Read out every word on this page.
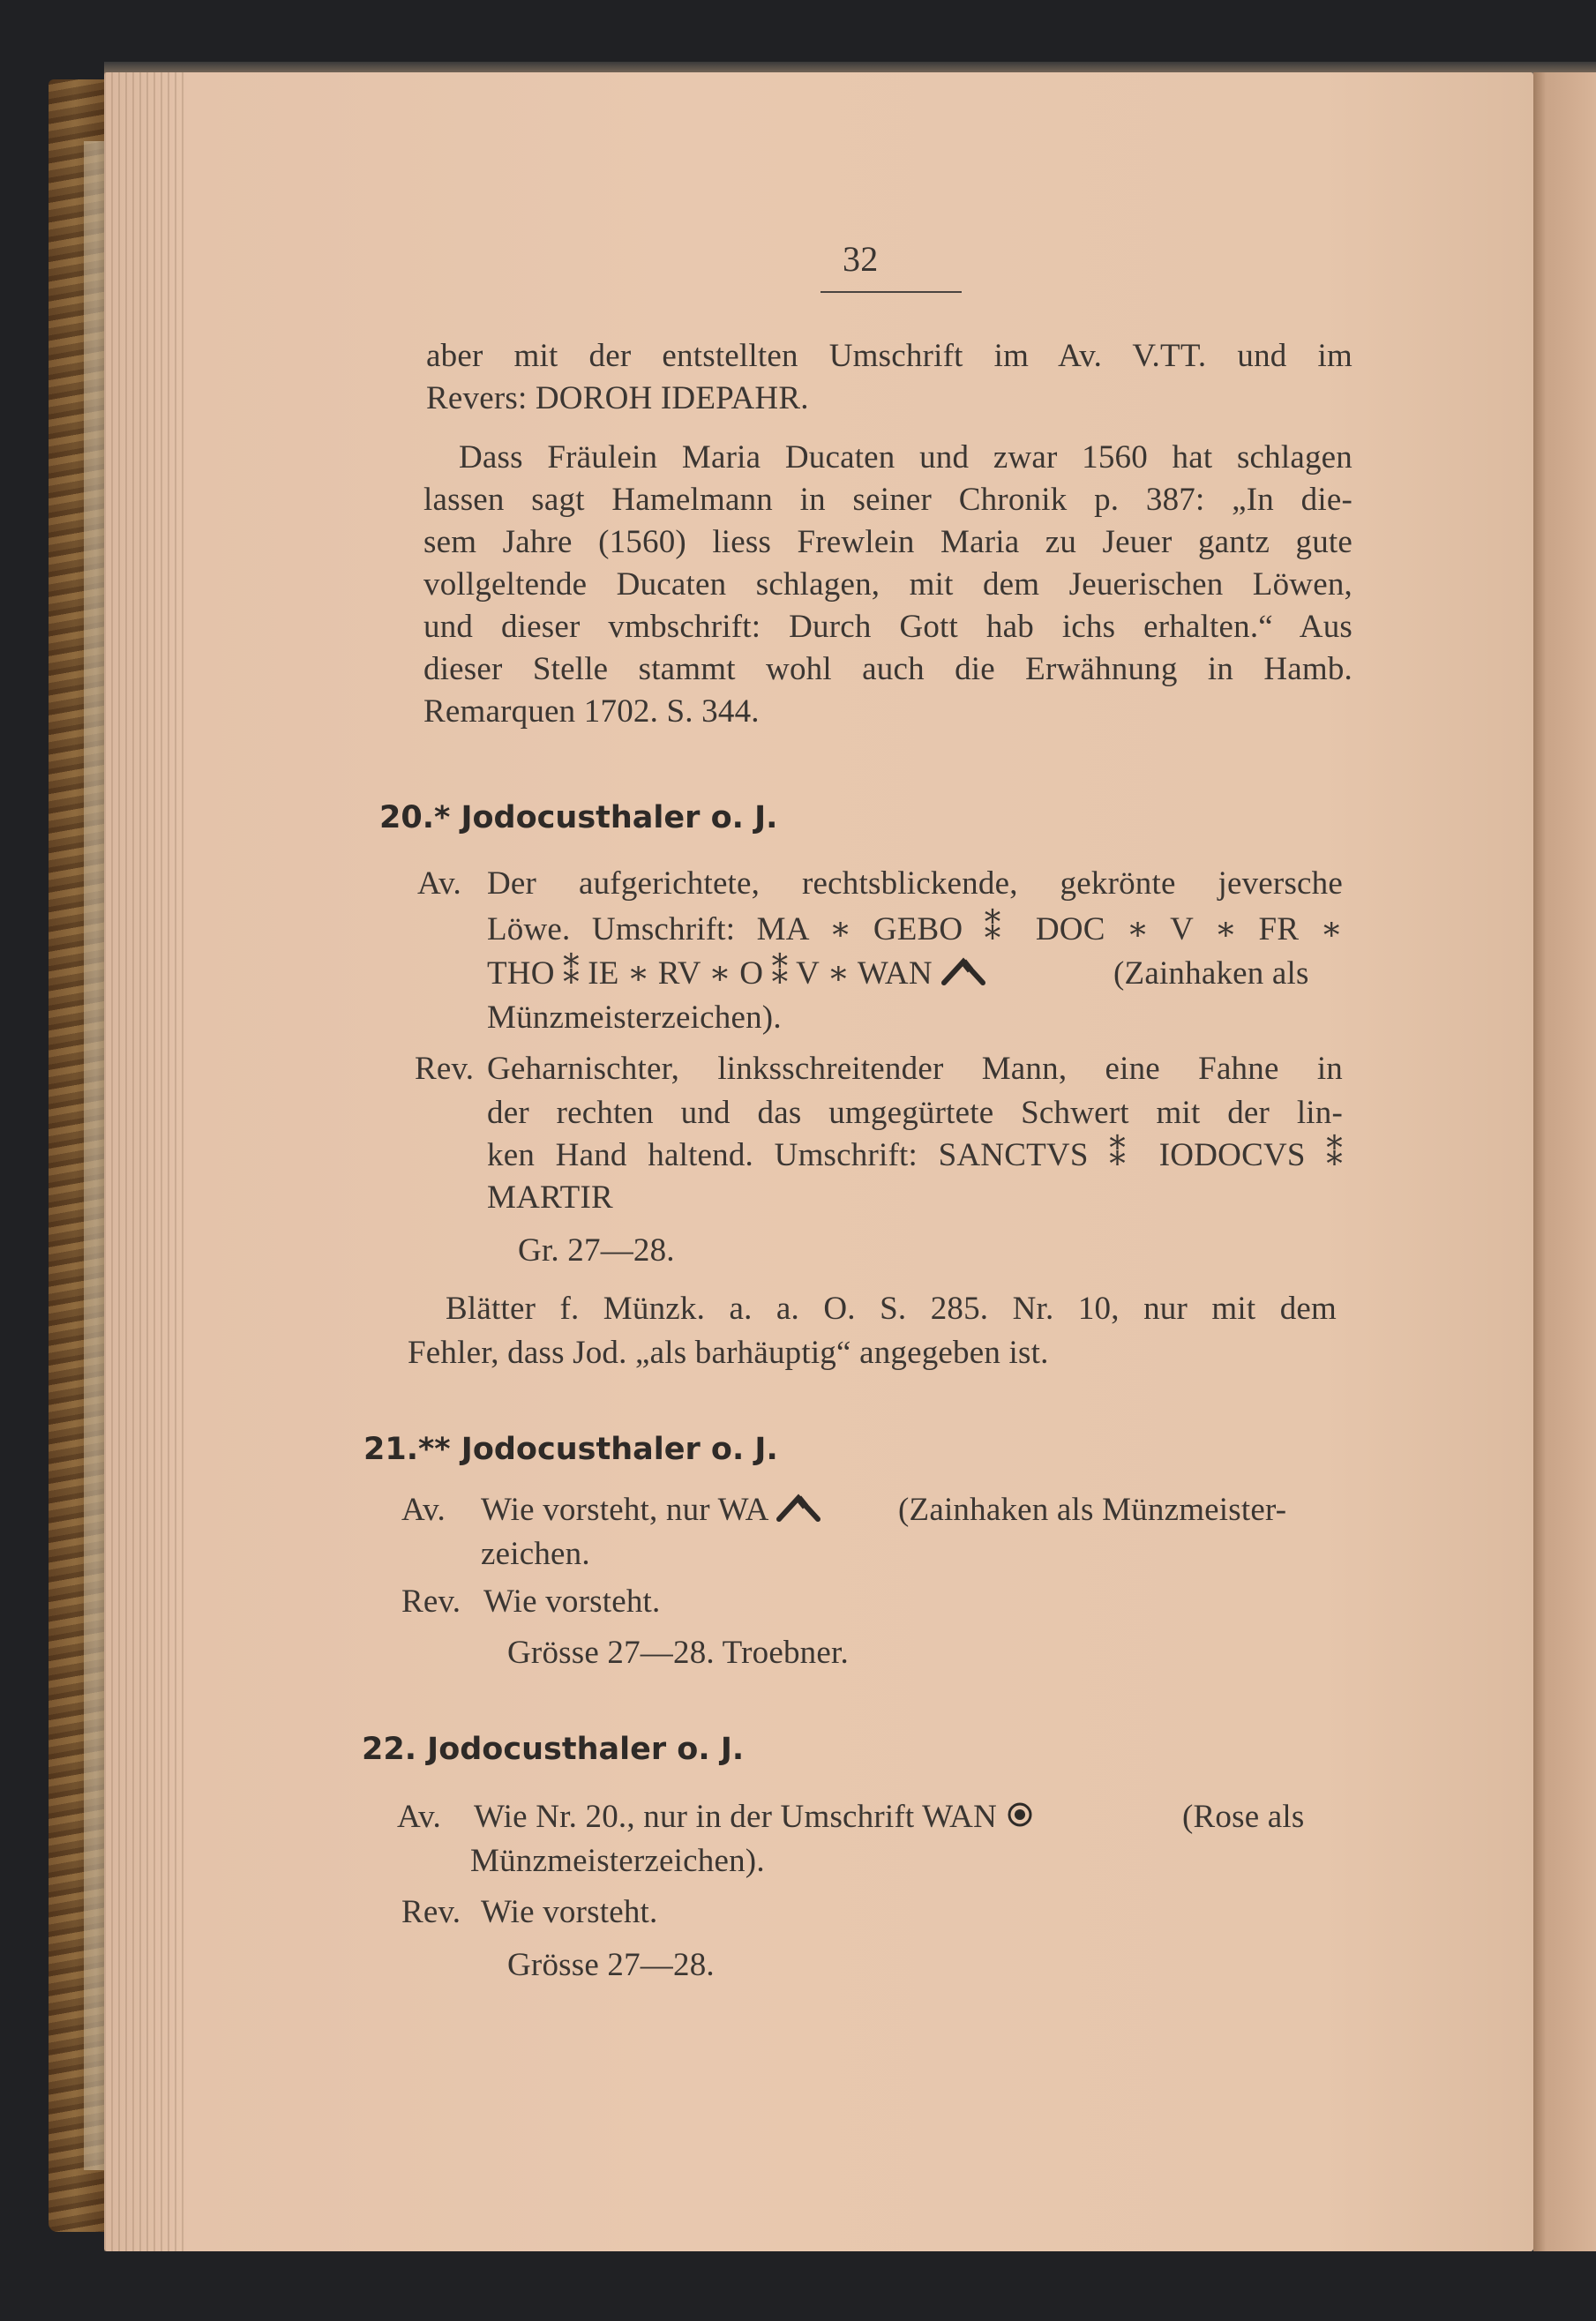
32
aber mit der entstellten Umschrift im Av. V.TT. und im
Revers: DOROH IDEPAHR.
Dass Fräulein Maria Ducaten und zwar 1560 hat schlagen
lassen sagt Hamelmann in seiner Chronik p. 387: „In die-
sem Jahre (1560) liess Frewlein Maria zu Jeuer gantz gute
vollgeltende Ducaten schlagen, mit dem Jeuerischen Löwen,
und dieser vmbschrift: Durch Gott hab ichs erhalten.“ Aus
dieser Stelle stammt wohl auch die Erwähnung in Hamb.
Remarquen 1702. S. 344.
20.* Jodocusthaler o. J.
Av. Der aufgerichtete, rechtsblickende, gekrönte jeversche
Löwe. Umschrift: MA ∗ GEBO ⁑ DOC ∗ V ∗ FR ∗
THO ⁑ IE ∗ RV ∗ O ⁑ V ∗ WAN	(Zainhaken als
Münzmeisterzeichen).
Rev. Geharnischter, linksschreitender Mann, eine Fahne in
der rechten und das umgegürtete Schwert mit der lin-
ken Hand haltend. Umschrift: SANCTVS ⁑ IODOCVS ⁑
MARTIR
Gr. 27—28.
Blätter f. Münzk. a. a. O. S. 285. Nr. 10, nur mit dem
Fehler, dass Jod. „als barhäuptig“ angegeben ist.
21.** Jodocusthaler o. J.
Av. Wie vorsteht, nur WA	(Zainhaken als Münzmeister-
zeichen.
Rev. Wie vorsteht.
Grösse 27—28. Troebner.
22. Jodocusthaler o. J.
Av. Wie Nr. 20., nur in der Umschrift WAN	(Rose als
Münzmeisterzeichen).
Rev. Wie vorsteht.
Grösse 27—28.
